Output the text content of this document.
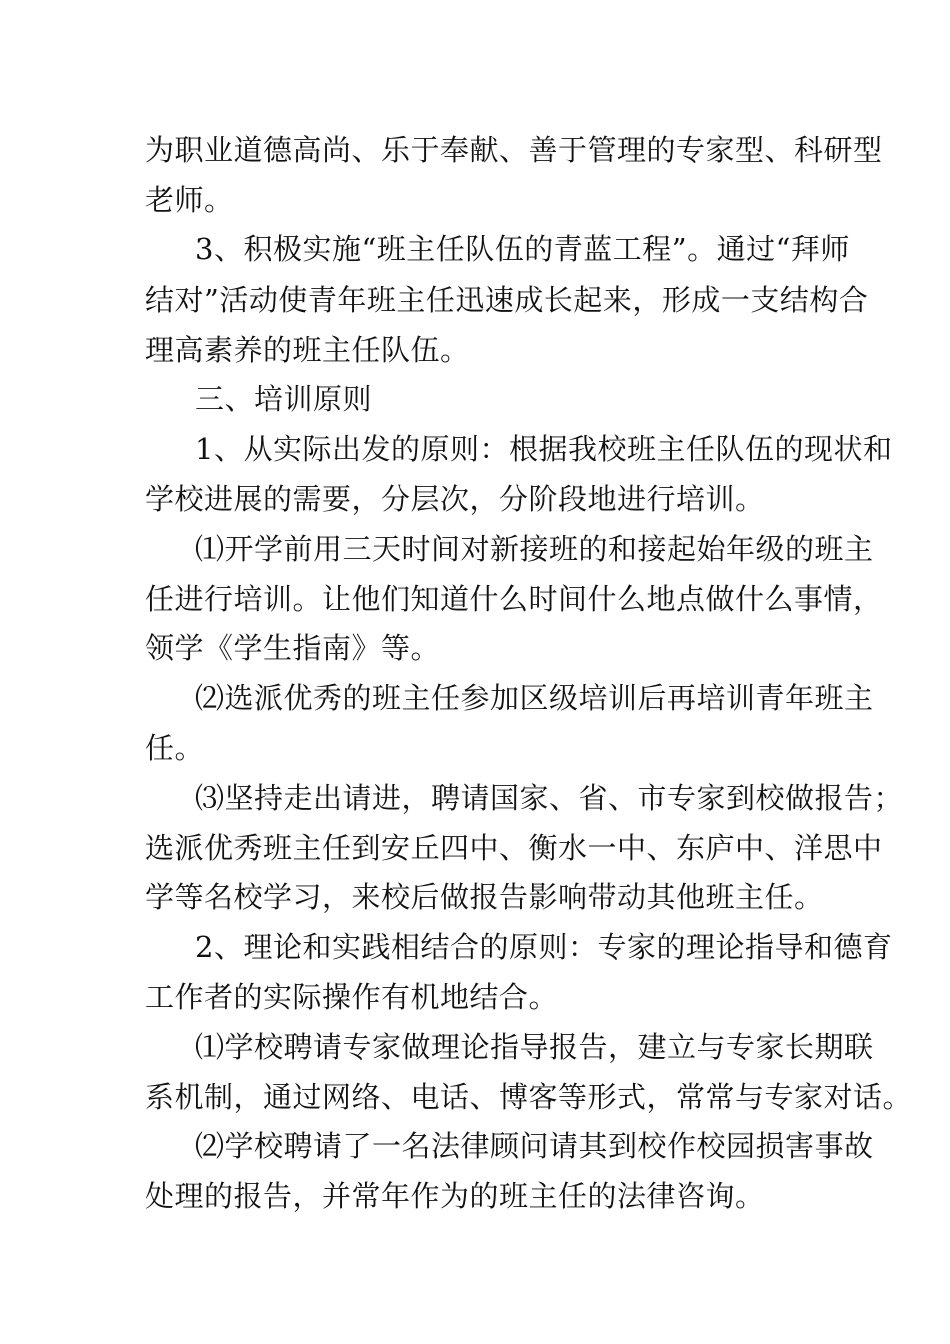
为职业道德高尚、乐于奉献、善于管理的专家型、科研型
老师。
3、积极实施“班主任队伍的青蓝工程”。通过“拜师
结对”活动使青年班主任迅速成长起来，形成一支结构合
理高素养的班主任队伍。
三、培训原则
1、从实际出发的原则：根据我校班主任队伍的现状和
学校进展的需要，分层次，分阶段地进行培训。
⑴开学前用三天时间对新接班的和接起始年级的班主
任进行培训。让他们知道什么时间什么地点做什么事情，
领学《学生指南》等。
⑵选派优秀的班主任参加区级培训后再培训青年班主
任。
⑶坚持走出请进，聘请国家、省、市专家到校做报告；
选派优秀班主任到安丘四中、衡水一中、东庐中、洋思中
学等名校学习，来校后做报告影响带动其他班主任。
2、理论和实践相结合的原则：专家的理论指导和德育
工作者的实际操作有机地结合。
⑴学校聘请专家做理论指导报告，建立与专家长期联
系机制，通过网络、电话、博客等形式，常常与专家对话。
⑵学校聘请了一名法律顾问请其到校作校园损害事故
处理的报告，并常年作为的班主任的法律咨询。
